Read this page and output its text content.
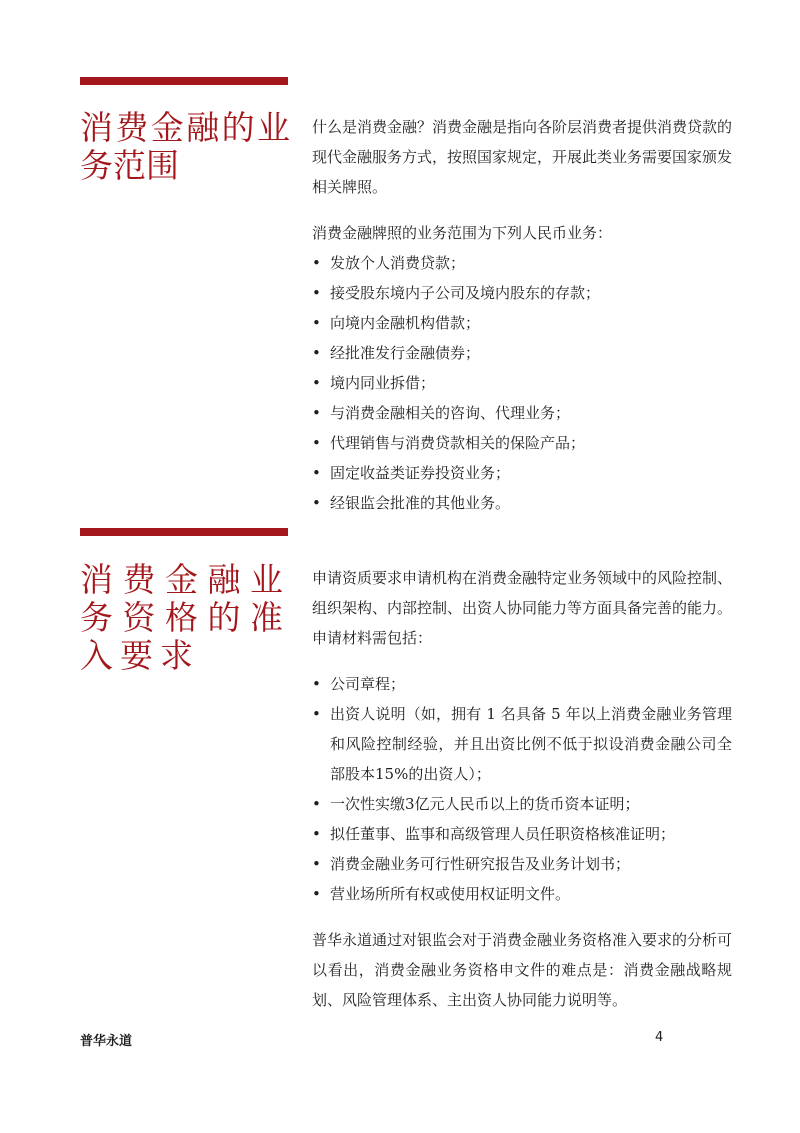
消费金融的业务范围

什么是消费金融？消费金融是指向各阶层消费者提供消费贷款的现代金融服务方式，按照国家规定，开展此类业务需要国家颁发相关牌照。

消费金融牌照的业务范围为下列人民币业务：

• 发放个人消费贷款；
• 接受股东境内子公司及境内股东的存款；
• 向境内金融机构借款；
• 经批准发行金融债券；
• 境内同业拆借；
• 与消费金融相关的咨询、代理业务；
• 代理销售与消费贷款相关的保险产品；
• 固定收益类证券投资业务；
• 经银监会批准的其他业务。
消费金融业务资格的准入要求

申请资质要求申请机构在消费金融特定业务领域中的风险控制、组织架构、内部控制、出资人协同能力等方面具备完善的能力。申请材料需包括：

• 公司章程；
• 出资人说明（如，拥有 1 名具备 5 年以上消费金融业务管理和风险控制经验，并且出资比例不低于拟设消费金融公司全部股本15%的出资人）；
• 一次性实缴3亿元人民币以上的货币资本证明；
• 拟任董事、监事和高级管理人员任职资格核准证明；
• 消费金融业务可行性研究报告及业务计划书；
• 营业场所所有权或使用权证明文件。

普华永道通过对银监会对于消费金融业务资格准入要求的分析可以看出，消费金融业务资格申文件的难点是：消费金融战略规划、风险管理体系、主出资人协同能力说明等。

普华永道	4
